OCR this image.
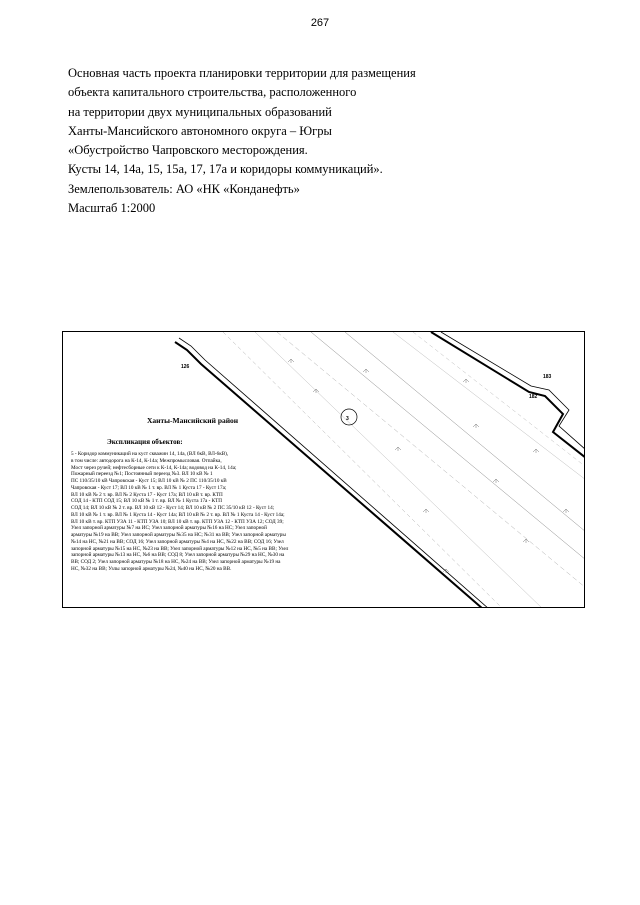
267
Основная часть проекта планировки территории для размещения
объекта капитального строительства, расположенного
на территории двух муниципальных образований
Ханты-Мансийского автономного округа – Югры
«Обустройство Чапровского месторождения.
Кусты 14, 14а, 15, 15а, 17, 17а и коридоры коммуникаций».
Землепользователь: АО «НК «Конданефть»
Масштаб 1:2000
3
126
182
183
Ханты-Мансийский район
Экспликация объектов:
5 - Коридор коммуникаций на куст скважин 14, 14а, (ВЛ 6кВ, ВЛ-6кВ),
в том числе: автодорога на К-14, К-14а; Межпромысловая. Отпайка,
Мост через ручей; нефтесборные сети к К-14, К-14а; водовод на К-14, 14а;
Пожарный переезд №1; Постоянный переезд №3. ВЛ 10 кВ № 1
ПС 110/35/10 кВ Чапровская - Куст 15; ВЛ 10 кВ № 2 ПС 110/35/10 кВ
Чапровская - Куст 17; ВЛ 10 кВ № 1 т. вр. ВЛ № 1 Куста 17 - Куст 17а;
ВЛ 10 кВ № 2 т. вр. ВЛ № 2 Куста 17 - Куст 17а; ВЛ 10 кВ т. вр. КТП
СОД 14 - КТП СОД 15; ВЛ 10 кВ № 1 т. вр. ВЛ № 1 Куста 17а - КТП
СОД 14; ВЛ 10 кВ № 2 т. вр. ВЛ 10 кВ 12 - Куст 14; ВЛ 10 кВ № 2 ПС 35/10 кВ 12 - Куст 14;
ВЛ 10 кВ № 1 т. вр. ВЛ № 1 Куста 14 - Куст 14а; ВЛ 10 кВ № 2 т. вр. ВЛ № 1 Куста 14 - Куст 14а;
ВЛ 10 кВ т. вр. КТП УЗА 11 - КТП УЗА 10; ВЛ 10 кВ т. вр. КТП УЗА 12 - КТП УЗА 12; СОД 39;
Узел запорной арматуры №7 на ИС; Узел запорной арматуры №16 на НС; Узел запорной
арматуры №19 на ВВ; Узел запорной арматуры №35 на НС; №31 на ВВ; Узел запорной арматуры
№14 на НС, №21 на ВВ; СОД 16; Узел запорной арматуры №4 на НС, №22 на ВВ; СОД 16; Узел
запорной арматуры №15 на НС, №23 на ВВ; Узел запорной арматуры №12 на НС, №5 на ВВ; Узел
запорной арматуры №13 на НС, №6 на ВВ; СОД 8; Узел запорной арматуры №29 на НС, №30 на
ВВ; СОД 2; Узел запорной арматуры №18 на НС, №24 на ВВ; Узел запорной арматуры №19 на
НС, №32 на ВВ; Узлы запорной арматуры №24, №40 на НС, №20 на ВВ.
